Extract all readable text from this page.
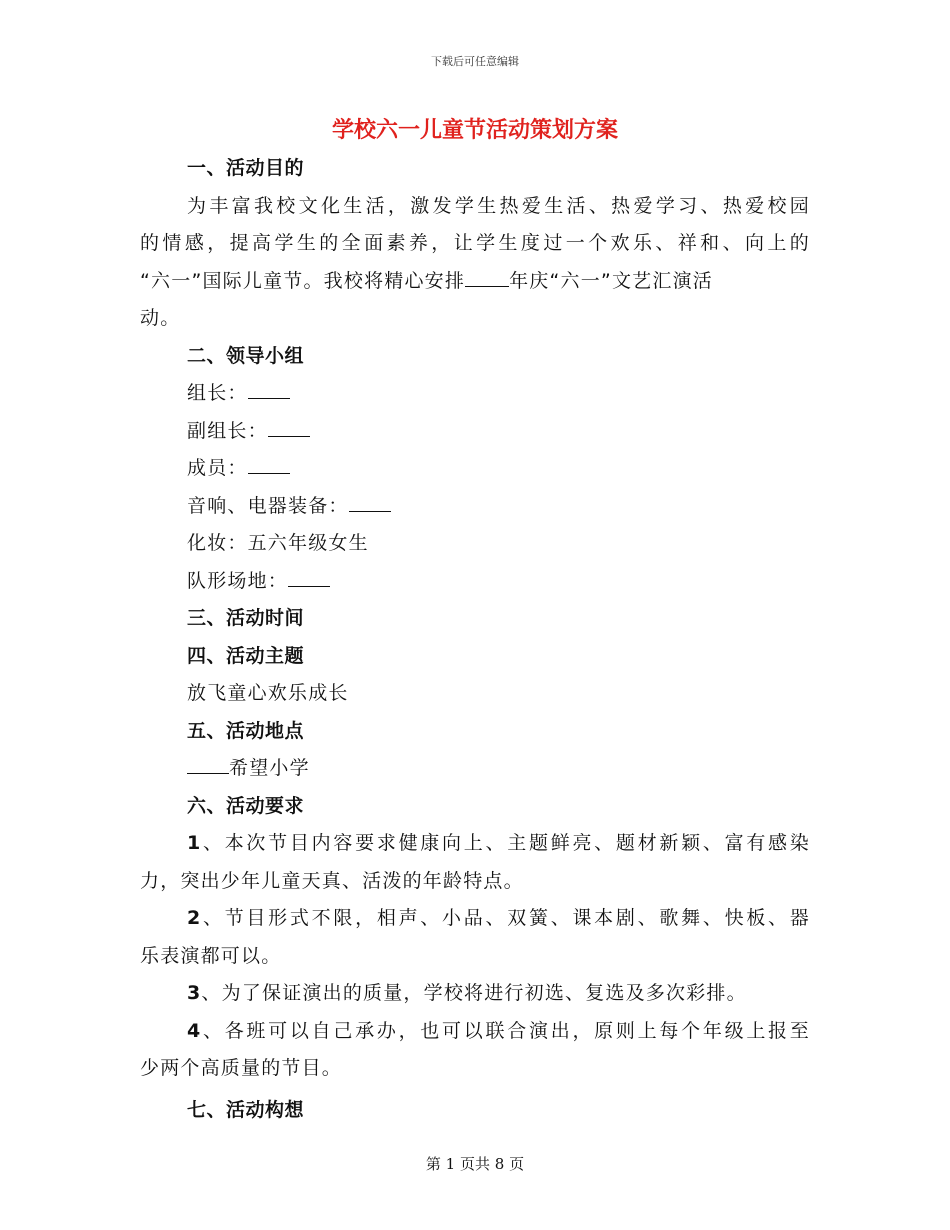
下载后可任意编辑
学校六一儿童节活动策划方案
一、活动目的
为丰富我校文化生活，激发学生热爱生活、热爱学习、热爱校园
的情感，提高学生的全面素养，让学生度过一个欢乐、祥和、向上的
“六一”国际儿童节。我校将精心安排 年庆“六一”文艺汇演活
动。
二、领导小组
组长：
副组长：
成员：
音响、电器装备：
化妆：五六年级女生
队形场地：
三、活动时间
四、活动主题
放飞童心欢乐成长
五、活动地点
希望小学
六、活动要求
1、本次节目内容要求健康向上、主题鲜亮、题材新颖、富有感染
力，突出少年儿童天真、活泼的年龄特点。
2、节目形式不限，相声、小品、双簧、课本剧、歌舞、快板、器
乐表演都可以。
3、为了保证演出的质量，学校将进行初选、复选及多次彩排。
4、各班可以自己承办，也可以联合演出，原则上每个年级上报至
少两个高质量的节目。
七、活动构想
第 1 页共 8 页
